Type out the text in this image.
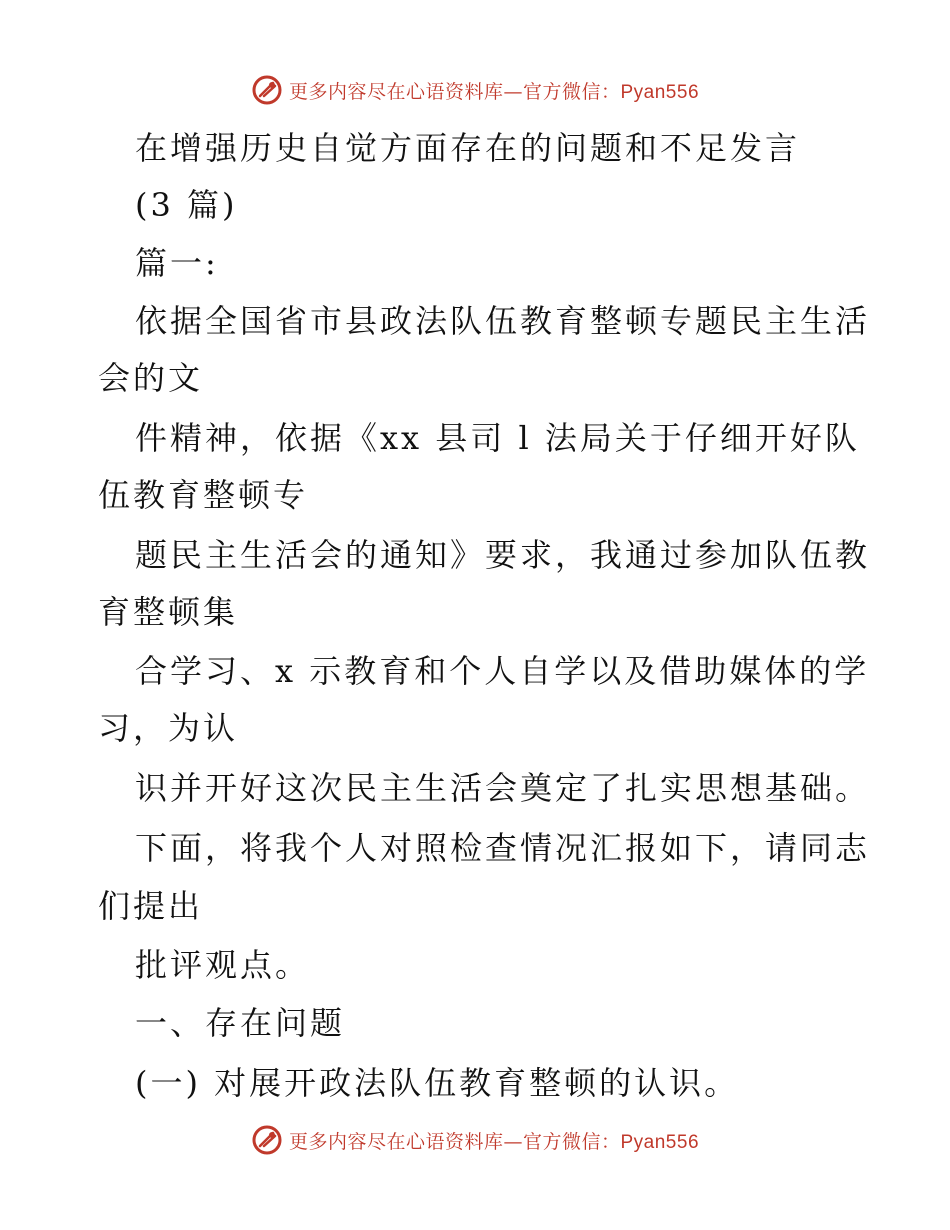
更多内容尽在心语资料库—官方微信：Pyan556
在增强历史自觉方面存在的问题和不足发言
(3 篇)
篇一:
依据全国省市县政法队伍教育整顿专题民主生活
会的文
件精神，依据《xx 县司 l 法局关于仔细开好队
伍教育整顿专
题民主生活会的通知》要求，我通过参加队伍教
育整顿集
合学习、x 示教育和个人自学以及借助媒体的学
习，为认
识并开好这次民主生活会奠定了扎实思想基础。
下面，将我个人对照检查情况汇报如下，请同志
们提出
批评观点。
一、存在问题
(一) 对展开政法队伍教育整顿的认识。
更多内容尽在心语资料库—官方微信：Pyan556
